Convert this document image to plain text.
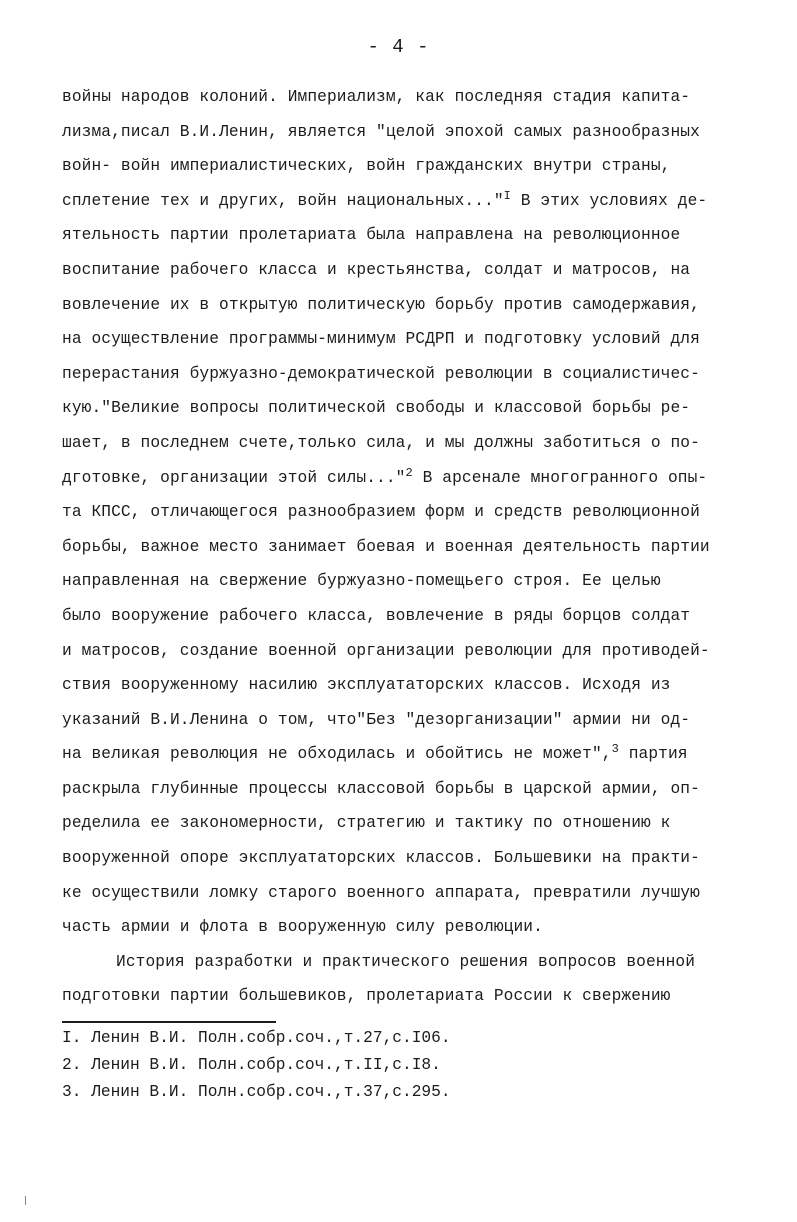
- 4 -
войны народов колоний. Империализм, как последняя стадия капита-
лизма,писал В.И.Ленин, является "целой эпохой самых разнообразных
войн- войн империалистических, войн гражданских внутри страны,
сплетение тех и других, войн национальных..."$^I$ В этих условиях де-
ятельность партии пролетариата была направлена на революционное
воспитание рабочего класса и крестьянства, солдат и матросов, на
вовлечение их в открытую политическую борьбу против самодержавия,
на осуществление программы-минимум РСДРП и подготовку условий для
перерастания буржуазно-демократической революции в социалистичес-
кую."Великие вопросы политической свободы и классовой борьбы ре-
шает, в последнем счете,только сила, и мы должны заботиться о по-
дготовке, организации этой силы..."$^2$ В арсенале многогранного опы-
та КПСС, отличающегося разнообразием форм и средств революционной
борьбы, важное место занимает боевая и военная деятельность партии
направленная на свержение буржуазно-помещьего строя. Ее целью
было вооружение рабочего класса, вовлечение в ряды борцов солдат
и матросов, создание военной организации революции для противодей-
ствия вооруженному насилию эксплуататорских классов. Исходя из
указаний В.И.Ленина о том, что"Без "дезорганизации" армии ни од-
на великая революция не обходилась и обойтись не может",$^3$ партия
раскрыла глубинные процессы классовой борьбы в царской армии, оп-
ределила ее закономерности, стратегию и тактику по отношению к
вооруженной опоре эксплуататорских классов. Большевики на практи-
ке осуществили ломку старого военного аппарата, превратили лучшую
часть армии и флота в вооруженную силу революции.
История разработки и практического решения вопросов военной
подготовки партии большевиков, пролетариата России к свержению
I. Ленин В.И. Полн.собр.соч.,т.27,с.I06.
2. Ленин В.И. Полн.собр.соч.,т.II,с.I8.
3. Ленин В.И. Полн.собр.соч.,т.37,с.295.
